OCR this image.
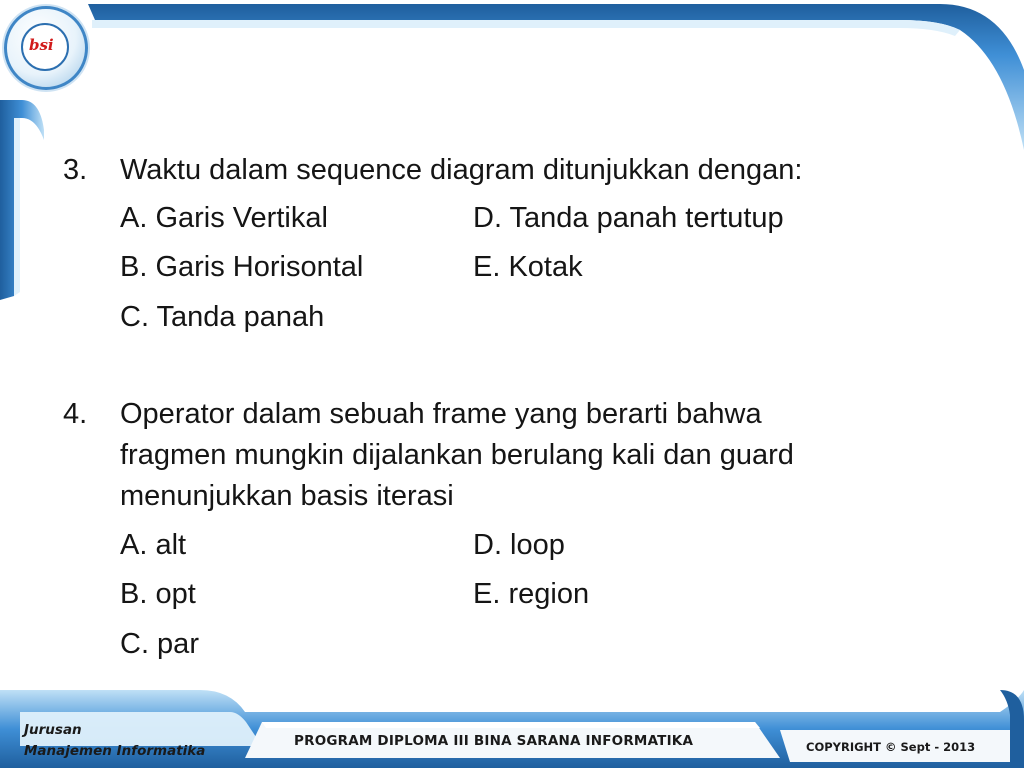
bsi
3. Waktu dalam sequence diagram ditunjukkan dengan:
A. Garis Vertikal	D. Tanda panah tertutup
B. Garis Horisontal	E. Kotak
C. Tanda panah
4. Operator dalam sebuah frame yang berarti bahwa
fragmen mungkin dijalankan berulang kali dan guard
menunjukkan basis iterasi
A. alt	D. loop
B. opt	E. region
C. par
Jurusan
Manajemen Informatika
PROGRAM DIPLOMA III BINA SARANA INFORMATIKA	COPYRIGHT © Sept - 2013
